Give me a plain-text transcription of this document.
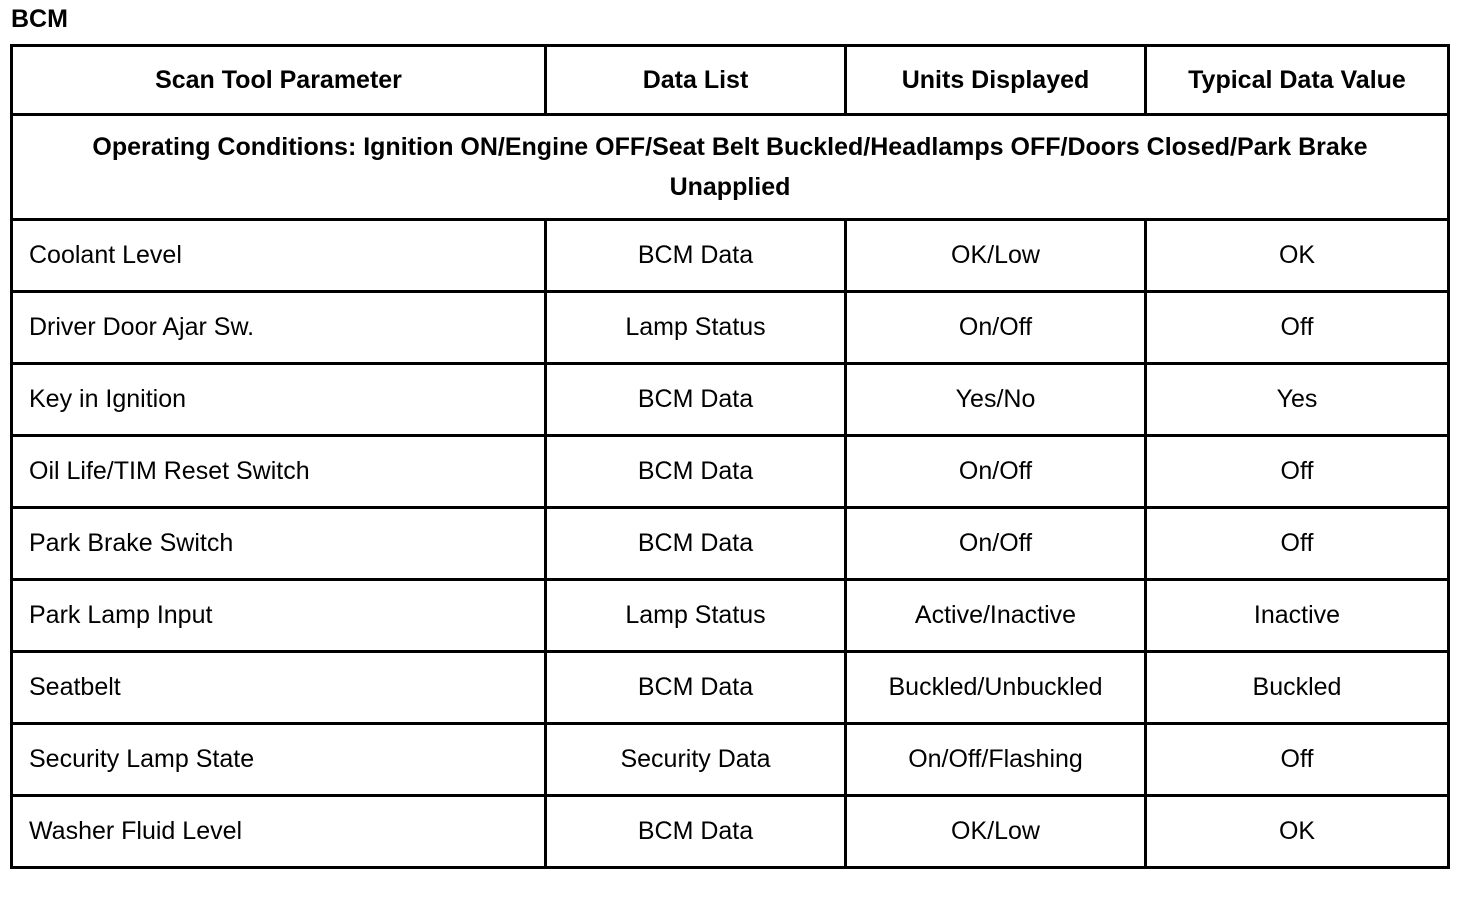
BCM
Scan Tool Parameter	Data List	Units Displayed	Typical Data Value
Operating Conditions: Ignition ON/Engine OFF/Seat Belt Buckled/Headlamps OFF/Doors Closed/Park Brake Unapplied			
Coolant Level	BCM Data	OK/Low	OK
Driver Door Ajar Sw.	Lamp Status	On/Off	Off
Key in Ignition	BCM Data	Yes/No	Yes
Oil Life/TIM Reset Switch	BCM Data	On/Off	Off
Park Brake Switch	BCM Data	On/Off	Off
Park Lamp Input	Lamp Status	Active/Inactive	Inactive
Seatbelt	BCM Data	Buckled/Unbuckled	Buckled
Security Lamp State	Security Data	On/Off/Flashing	Off
Washer Fluid Level	BCM Data	OK/Low	OK
